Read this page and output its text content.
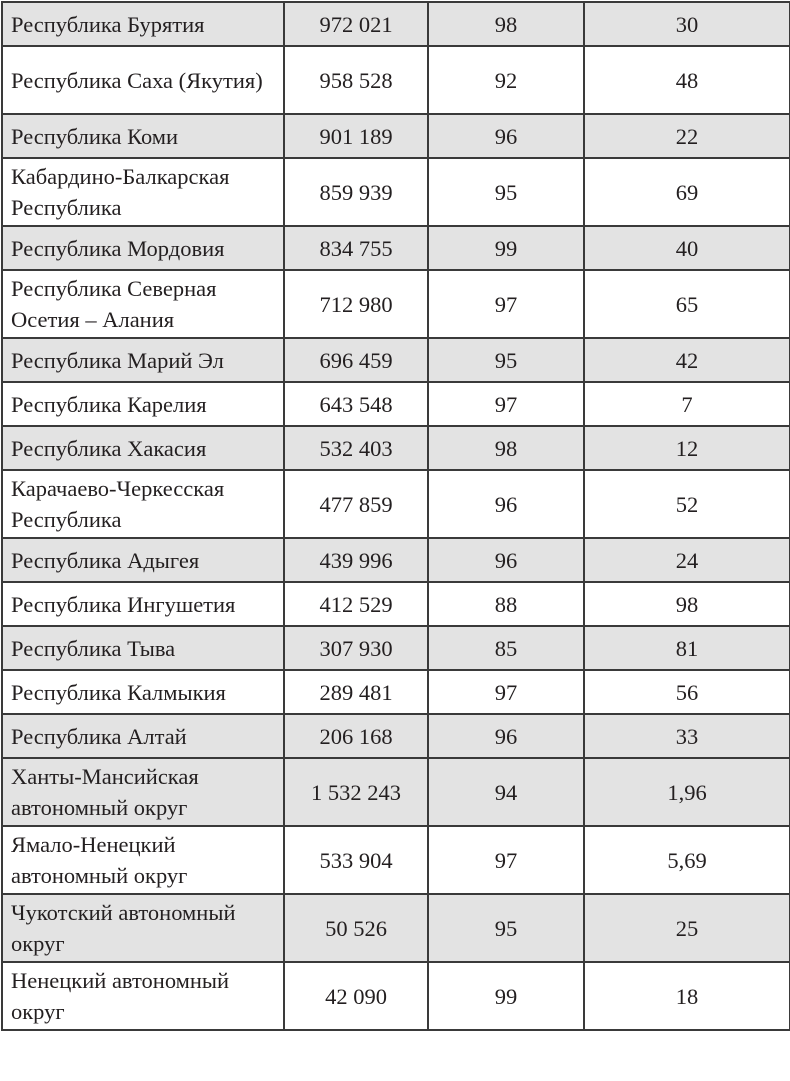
Республика Бурятия	972 021	98	30
Республика Саха (Якутия)	958 528	92	48
Республика Коми	901 189	96	22
Кабардино-Балкарская Республика	859 939	95	69
Республика Мордовия	834 755	99	40
Республика Северная Осетия – Алания	712 980	97	65
Республика Марий Эл	696 459	95	42
Республика Карелия	643 548	97	7
Республика Хакасия	532 403	98	12
Карачаево-Черкесская Республика	477 859	96	52
Республика Адыгея	439 996	96	24
Республика Ингушетия	412 529	88	98
Республика Тыва	307 930	85	81
Республика Калмыкия	289 481	97	56
Республика Алтай	206 168	96	33
Ханты-Мансийская автономный округ	1 532 243	94	1,96
Ямало-Ненецкий автономный округ	533 904	97	5,69
Чукотский автономный округ	50 526	95	25
Ненецкий автономный округ	42 090	99	18
